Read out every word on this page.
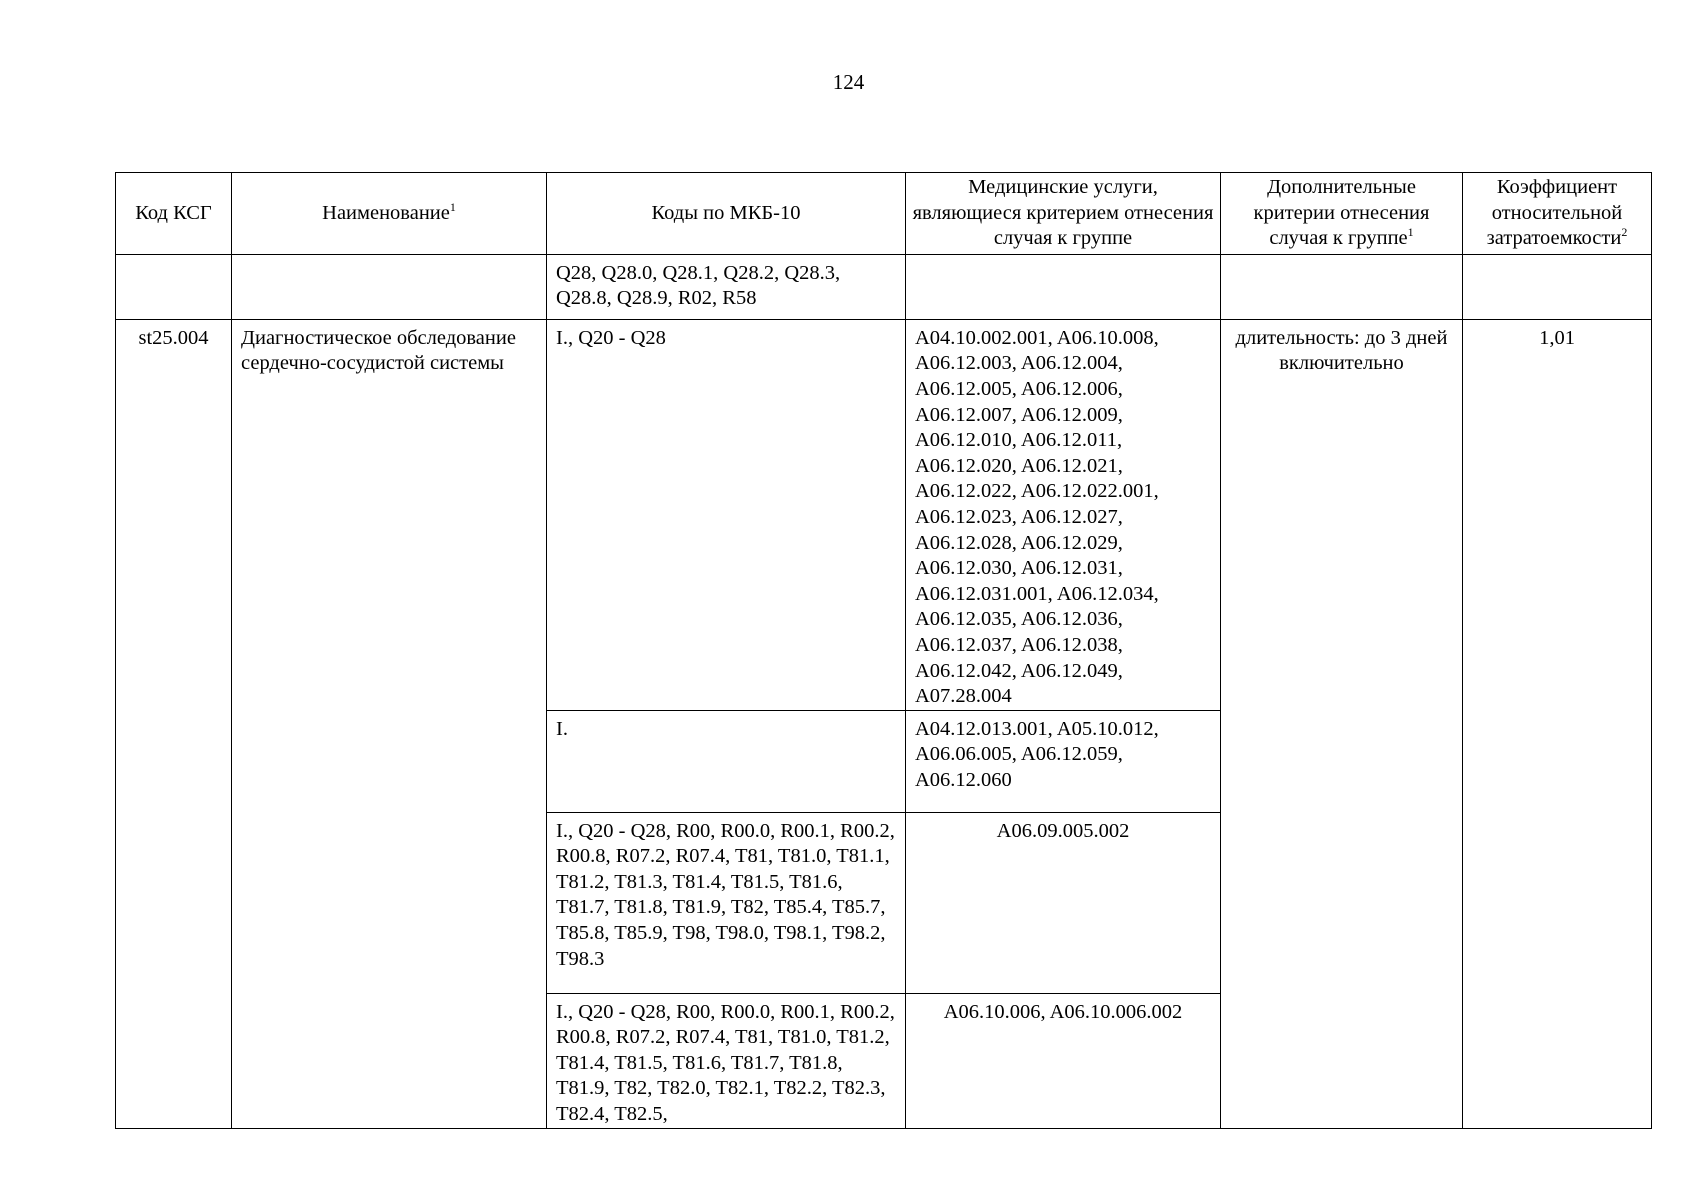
124
Код КСГ	Наименование$^1$	Коды по МКБ-10	Медицинские услуги, являющиеся критерием отнесения случая к группе	Дополнительные критерии отнесения случая к группе$^1$	Коэффициент относительной затратоемкости$^2$
		Q28, Q28.0, Q28.1, Q28.2, Q28.3, Q28.8, Q28.9, R02, R58			
st25.004	Диагностическое обследование сердечно-сосудистой системы	I., Q20 - Q28	A04.10.002.001, A06.10.008, A06.12.003, A06.12.004, A06.12.005, A06.12.006, A06.12.007, A06.12.009, A06.12.010, A06.12.011, A06.12.020, A06.12.021, A06.12.022, A06.12.022.001, A06.12.023, A06.12.027, A06.12.028, A06.12.029, A06.12.030, A06.12.031, A06.12.031.001, A06.12.034, A06.12.035, A06.12.036, A06.12.037, A06.12.038, A06.12.042, A06.12.049, A07.28.004	длительность: до 3 дней включительно	1,01
		I.	A04.12.013.001, A05.10.012, A06.06.005, A06.12.059, A06.12.060		
		I., Q20 - Q28, R00, R00.0, R00.1, R00.2, R00.8, R07.2, R07.4, T81, T81.0, T81.1, T81.2, T81.3, T81.4, T81.5, T81.6, T81.7, T81.8, T81.9, T82, T85.4, T85.7, T85.8, T85.9, T98, T98.0, T98.1, T98.2, T98.3	A06.09.005.002		
		I., Q20 - Q28, R00, R00.0, R00.1, R00.2, R00.8, R07.2, R07.4, T81, T81.0, T81.2, T81.4, T81.5, T81.6, T81.7, T81.8, T81.9, T82, T82.0, T82.1, T82.2, T82.3, T82.4, T82.5,	A06.10.006, A06.10.006.002		
